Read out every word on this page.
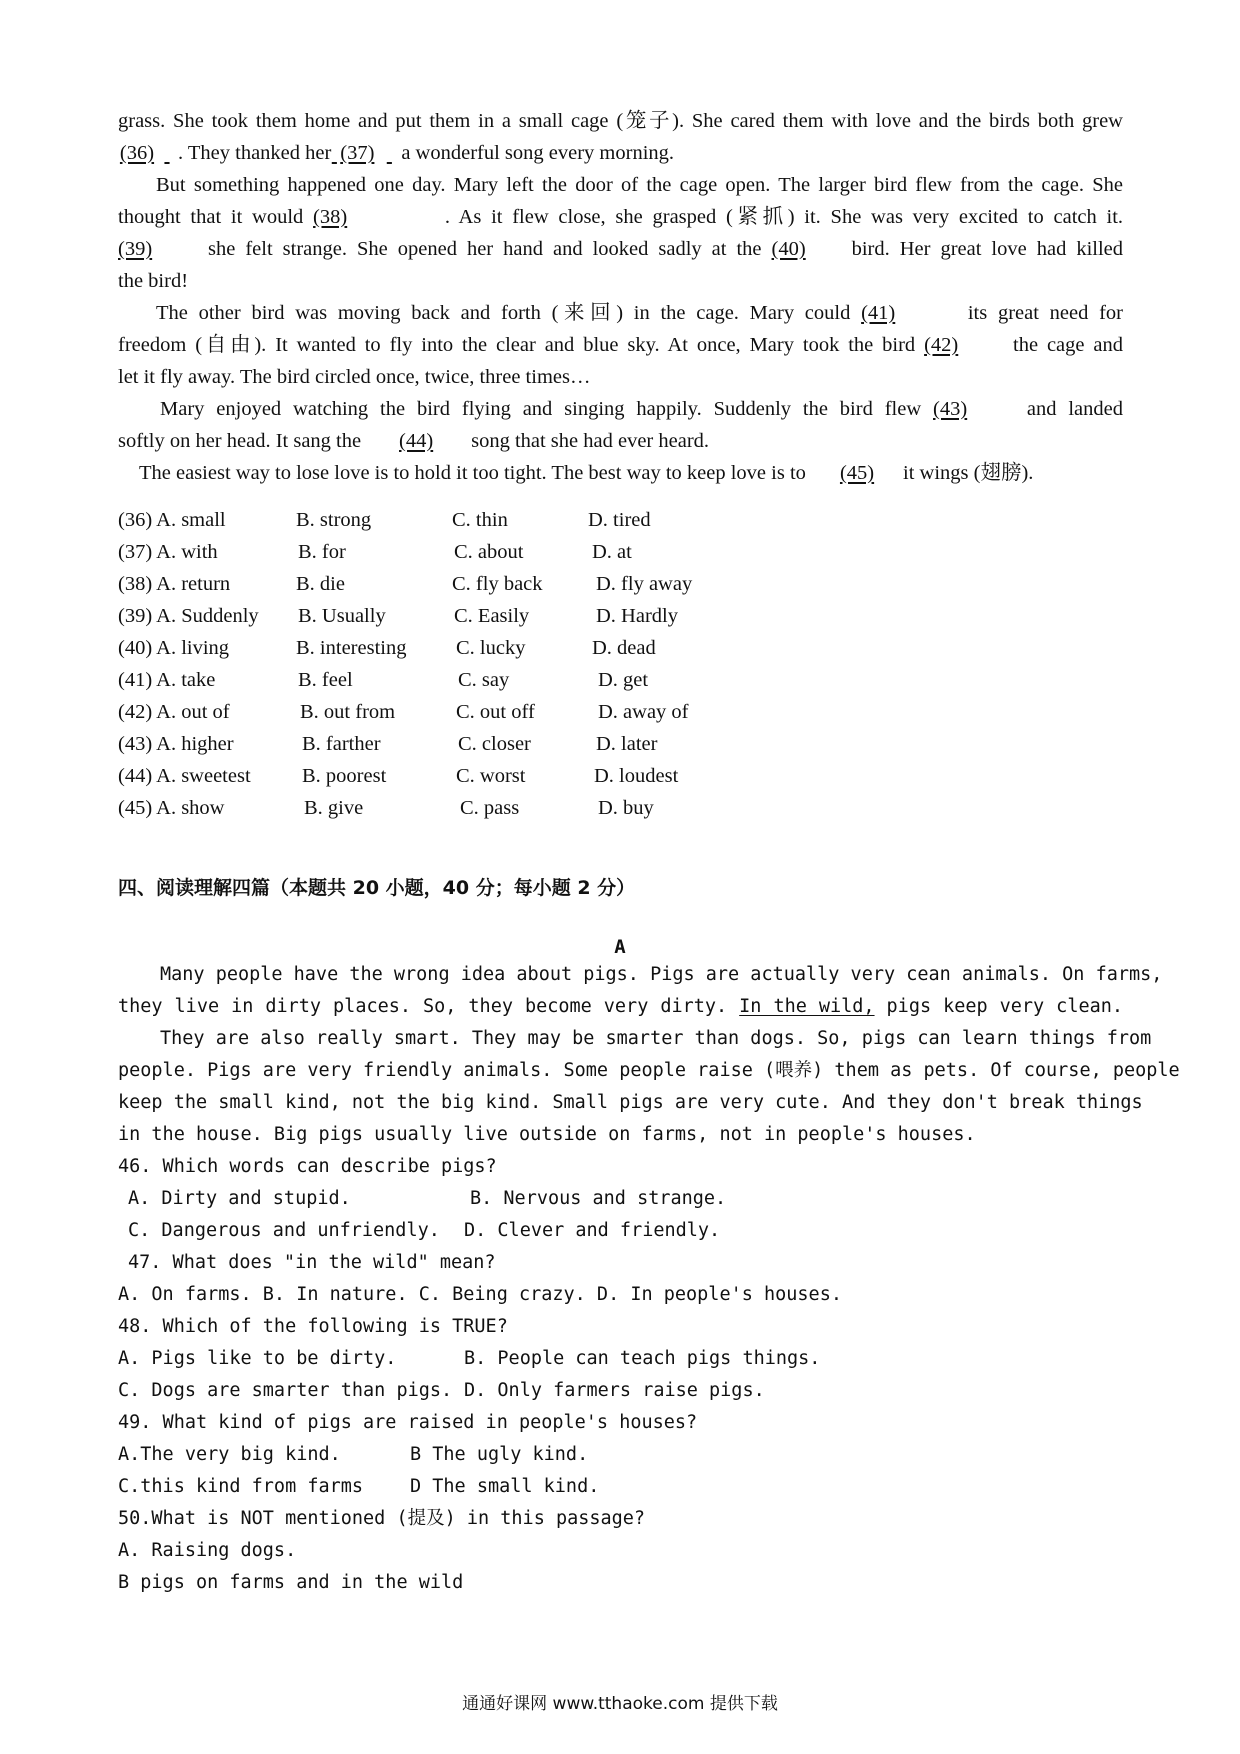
grass. She took them home and put them in a small cage (笼子). She cared them with love and the birds both grew
(36) . They thanked her (37) a wonderful song every morning.
But something happened one day. Mary left the door of the cage open. The larger bird flew from the cage. She
thought that it would (38)	. As it flew close, she grasped (紧抓) it. She was very excited to catch it.
(39)	she felt strange. She opened her hand and looked sadly at the (40) bird. Her great love had killed
the bird!
The other bird was moving back and forth (来回) in the cage. Mary could (41)	its great need for
freedom (自由). It wanted to fly into the clear and blue sky. At once, Mary took the bird (42)	the cage and
let it fly away. The bird circled once, twice, three times…
Mary enjoyed watching the bird flying and singing happily. Suddenly the bird flew (43)	and landed
softly on her head. It sang the (44) song that she had ever heard.
The easiest way to lose love is to hold it too tight. The best way to keep love is to (45) it wings (翅膀).
(36) A. small	B. strong	C. thin	D. tired
(37) A. with	B. for	C. about	D. at
(38) A. return	B. die	C. fly back	D. fly away
(39) A. Suddenly B. Usually	C. Easily	D. Hardly
(40) A. living	B. interesting C. lucky	D. dead
(41) A. take	B. feel	C. say	D. get
(42) A. out of	B. out from	C. out off	D. away of
(43) A. higher	B. farther	C. closer	D. later
(44) A. sweetest	B. poorest	C. worst	D. loudest
(45) A. show	B. give	C. pass	D. buy
四、阅读理解四篇（本题共 20 小题，40 分；每小题 2 分）
A
Many people have the wrong idea about pigs. Pigs are actually very cean animals. On farms,
they live in dirty places. So, they become very dirty. In the wild, pigs keep very clean.
They are also really smart. They may be smarter than dogs. So, pigs can learn things from
people. Pigs are very friendly animals. Some people raise (喂养) them as pets. Of course, people
keep the small kind, not the big kind. Small pigs are very cute. And they don't break things
in the house. Big pigs usually live outside on farms, not in people's houses.
46. Which words can describe pigs?
A. Dirty and stupid.	B. Nervous and strange.
C. Dangerous and unfriendly. D. Clever and friendly.
47. What does "in the wild" mean?
A. On farms. B. In nature. C. Being crazy. D. In people's houses.
48. Which of the following is TRUE?
A. Pigs like to be dirty.	B. People can teach pigs things.
C. Dogs are smarter than pigs. D. Only farmers raise pigs.
49. What kind of pigs are raised in people's houses?
A.The very big kind.	B The ugly kind.
C.this kind from farms	D The small kind.
50.What is NOT mentioned (提及) in this passage?
A. Raising dogs.
B pigs on farms and in the wild
通通好课网 www.tthaoke.com 提供下载
